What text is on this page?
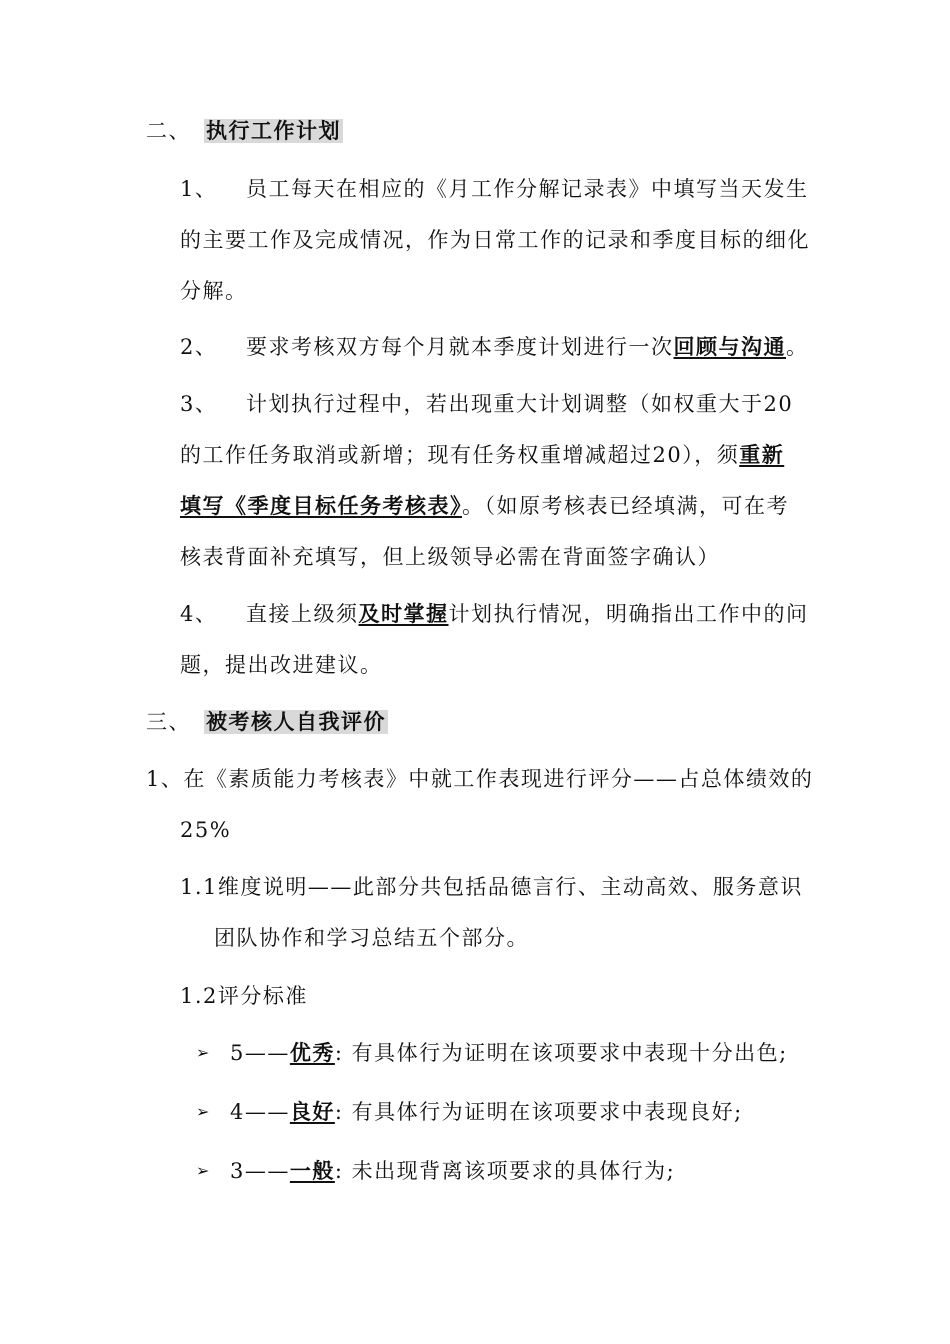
二、 执行工作计划
1、 员工每天在相应的《月工作分解记录表》中填写当天发生
的主要工作及完成情况，作为日常工作的记录和季度目标的细化
分解。
2、 要求考核双方每个月就本季度计划进行一次回顾与沟通。
3、 计划执行过程中，若出现重大计划调整（如权重大于20
的工作任务取消或新增；现有任务权重增减超过20），须重新
填写《季度目标任务考核表》。（如原考核表已经填满，可在考
核表背面补充填写，但上级领导必需在背面签字确认）
4、 直接上级须及时掌握计划执行情况，明确指出工作中的问
题，提出改进建议。
三、 被考核人自我评价
1、在《素质能力考核表》中就工作表现进行评分——占总体绩效的
25%
1.1维度说明——此部分共包括品德言行、主动高效、服务意识
团队协作和学习总结五个部分。
1.2评分标准
➢ 5——优秀: 有具体行为证明在该项要求中表现十分出色;
➢ 4——良好: 有具体行为证明在该项要求中表现良好;
➢ 3——一般: 未出现背离该项要求的具体行为;
